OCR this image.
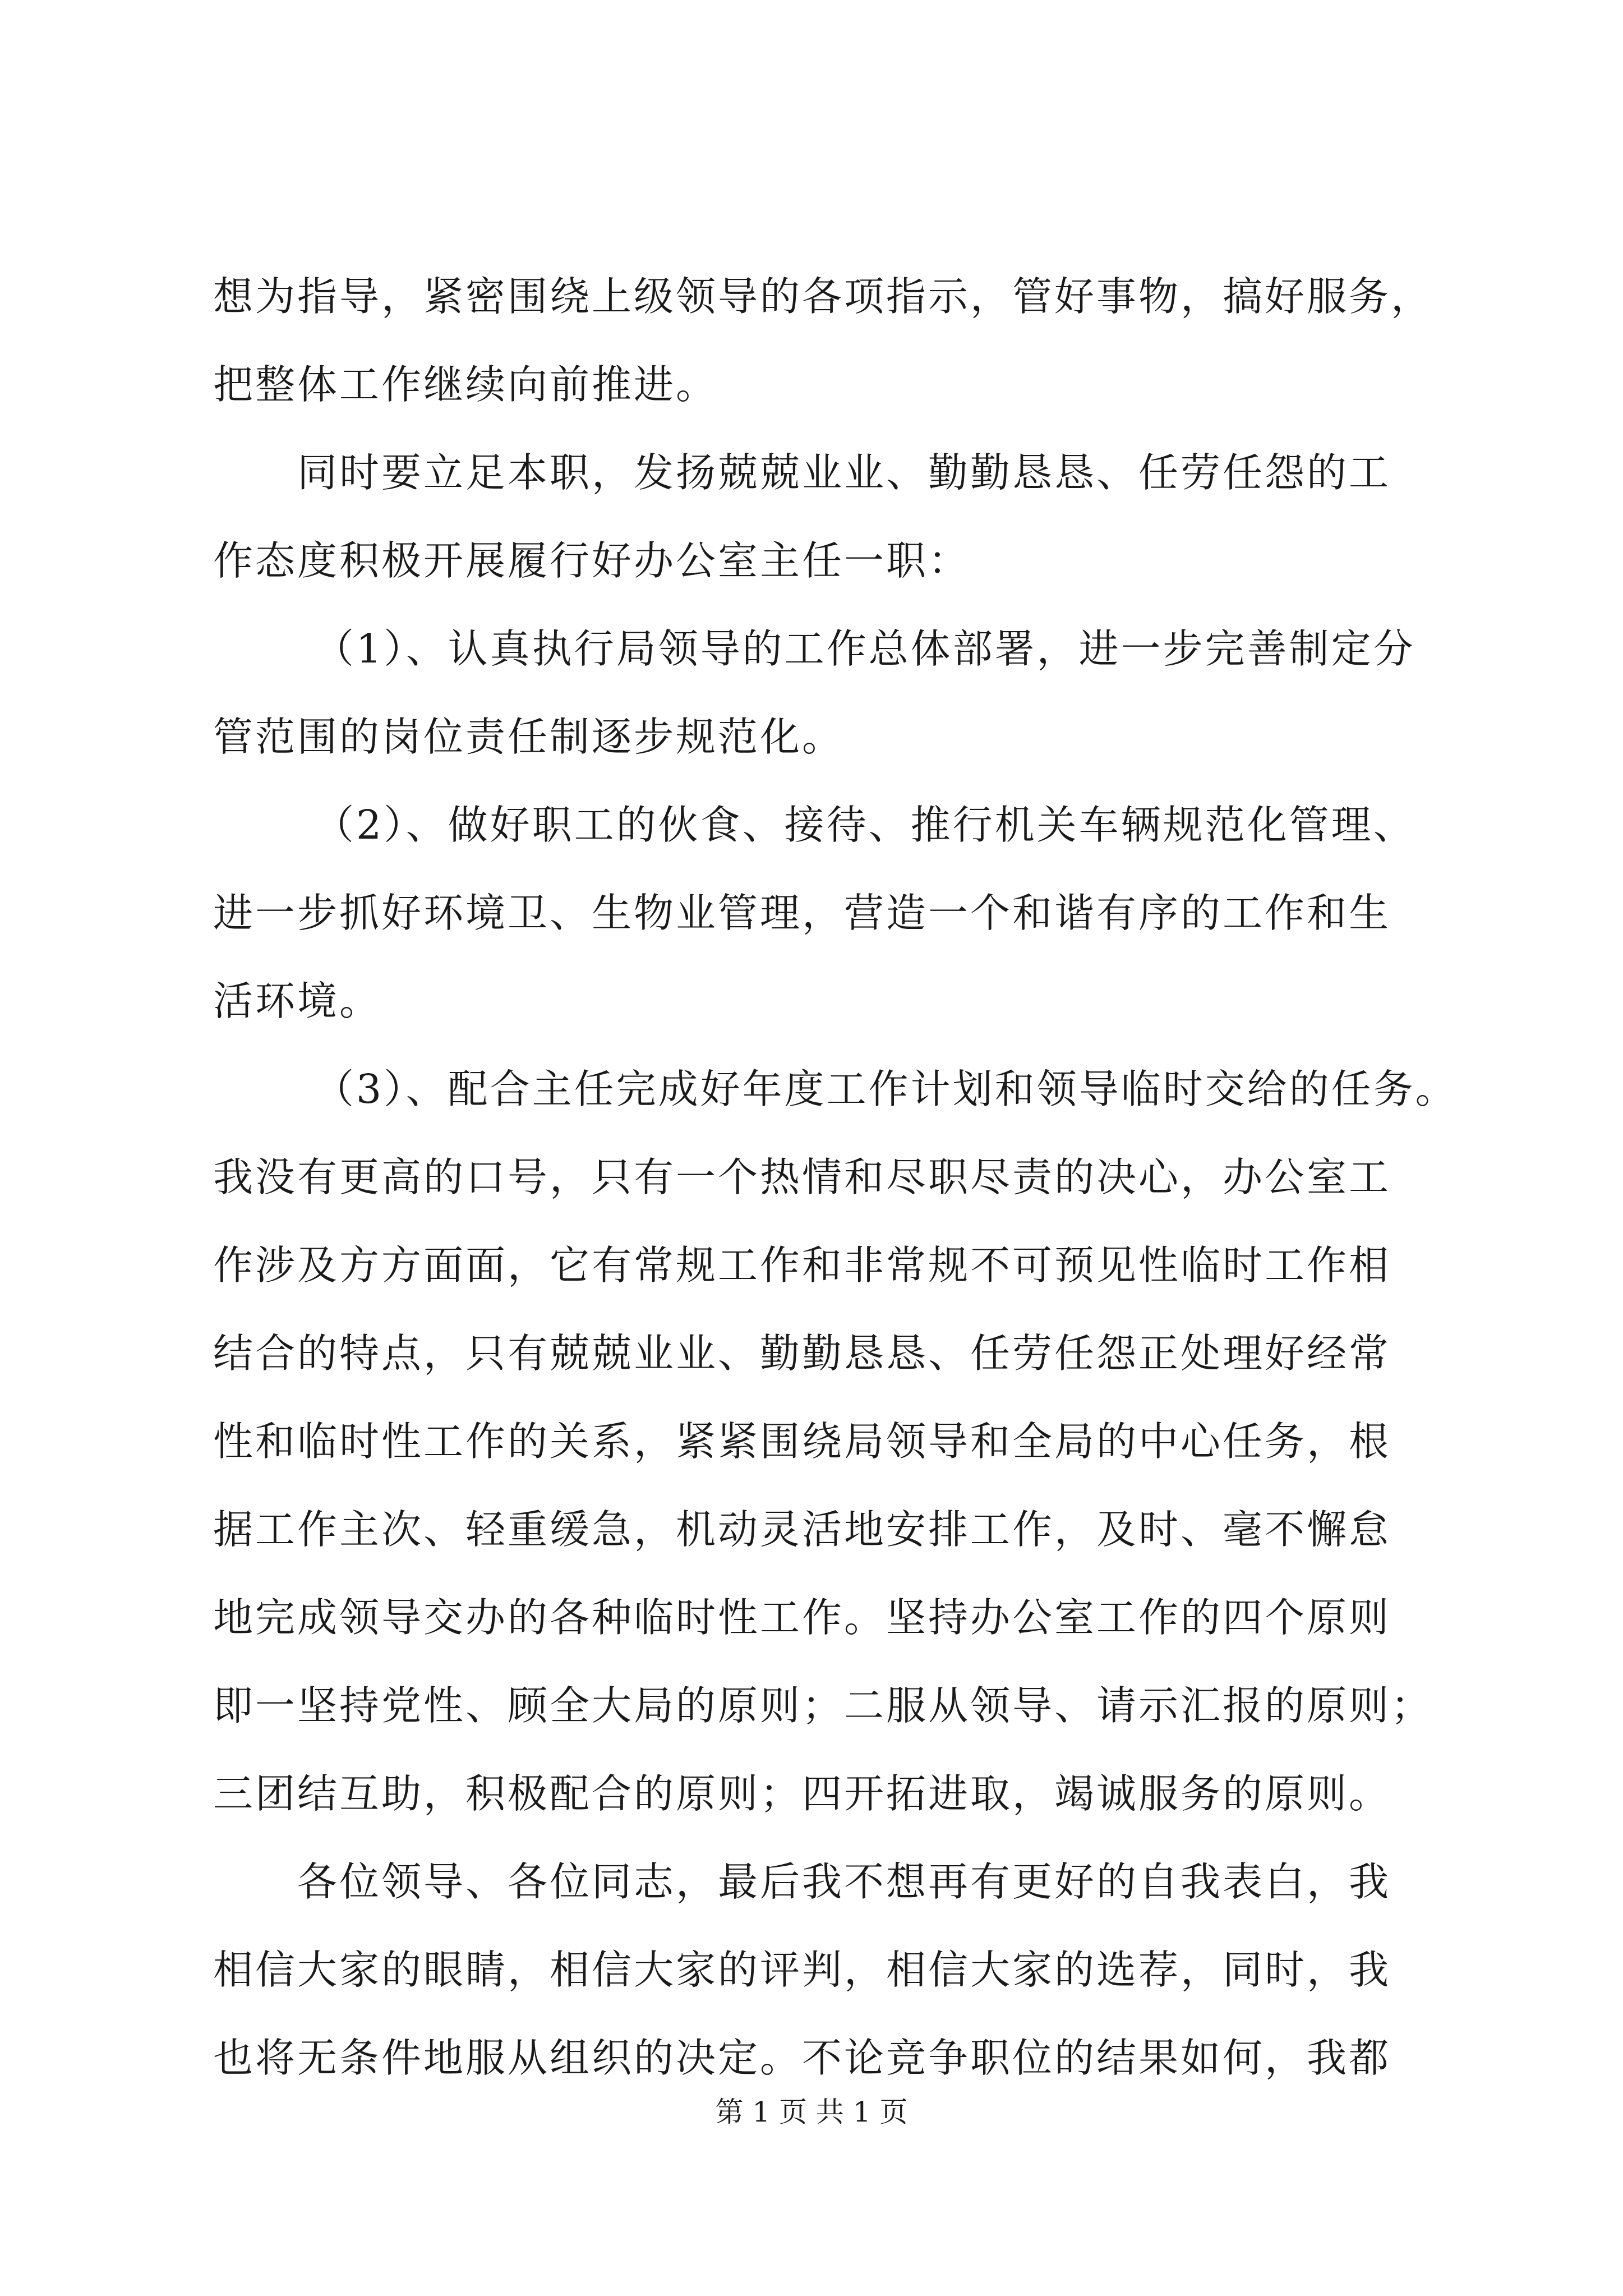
想为指导，紧密围绕上级领导的各项指示，管好事物，搞好服务，
把整体工作继续向前推进。
同时要立足本职，发扬兢兢业业、勤勤恳恳、任劳任怨的工
作态度积极开展履行好办公室主任一职：
（1）、认真执行局领导的工作总体部署，进一步完善制定分
管范围的岗位责任制逐步规范化。
（2）、做好职工的伙食、接待、推行机关车辆规范化管理、
进一步抓好环境卫、生物业管理，营造一个和谐有序的工作和生
活环境。
（3）、配合主任完成好年度工作计划和领导临时交给的任务。
我没有更高的口号，只有一个热情和尽职尽责的决心，办公室工
作涉及方方面面，它有常规工作和非常规不可预见性临时工作相
结合的特点，只有兢兢业业、勤勤恳恳、任劳任怨正处理好经常
性和临时性工作的关系，紧紧围绕局领导和全局的中心任务，根
据工作主次、轻重缓急，机动灵活地安排工作，及时、毫不懈怠
地完成领导交办的各种临时性工作。坚持办公室工作的四个原则
即一坚持党性、顾全大局的原则；二服从领导、请示汇报的原则；
三团结互助，积极配合的原则；四开拓进取，竭诚服务的原则。
各位领导、各位同志，最后我不想再有更好的自我表白，我
相信大家的眼睛，相信大家的评判，相信大家的选荐，同时，我
也将无条件地服从组织的决定。不论竞争职位的结果如何，我都
第 1 页 共 1 页
